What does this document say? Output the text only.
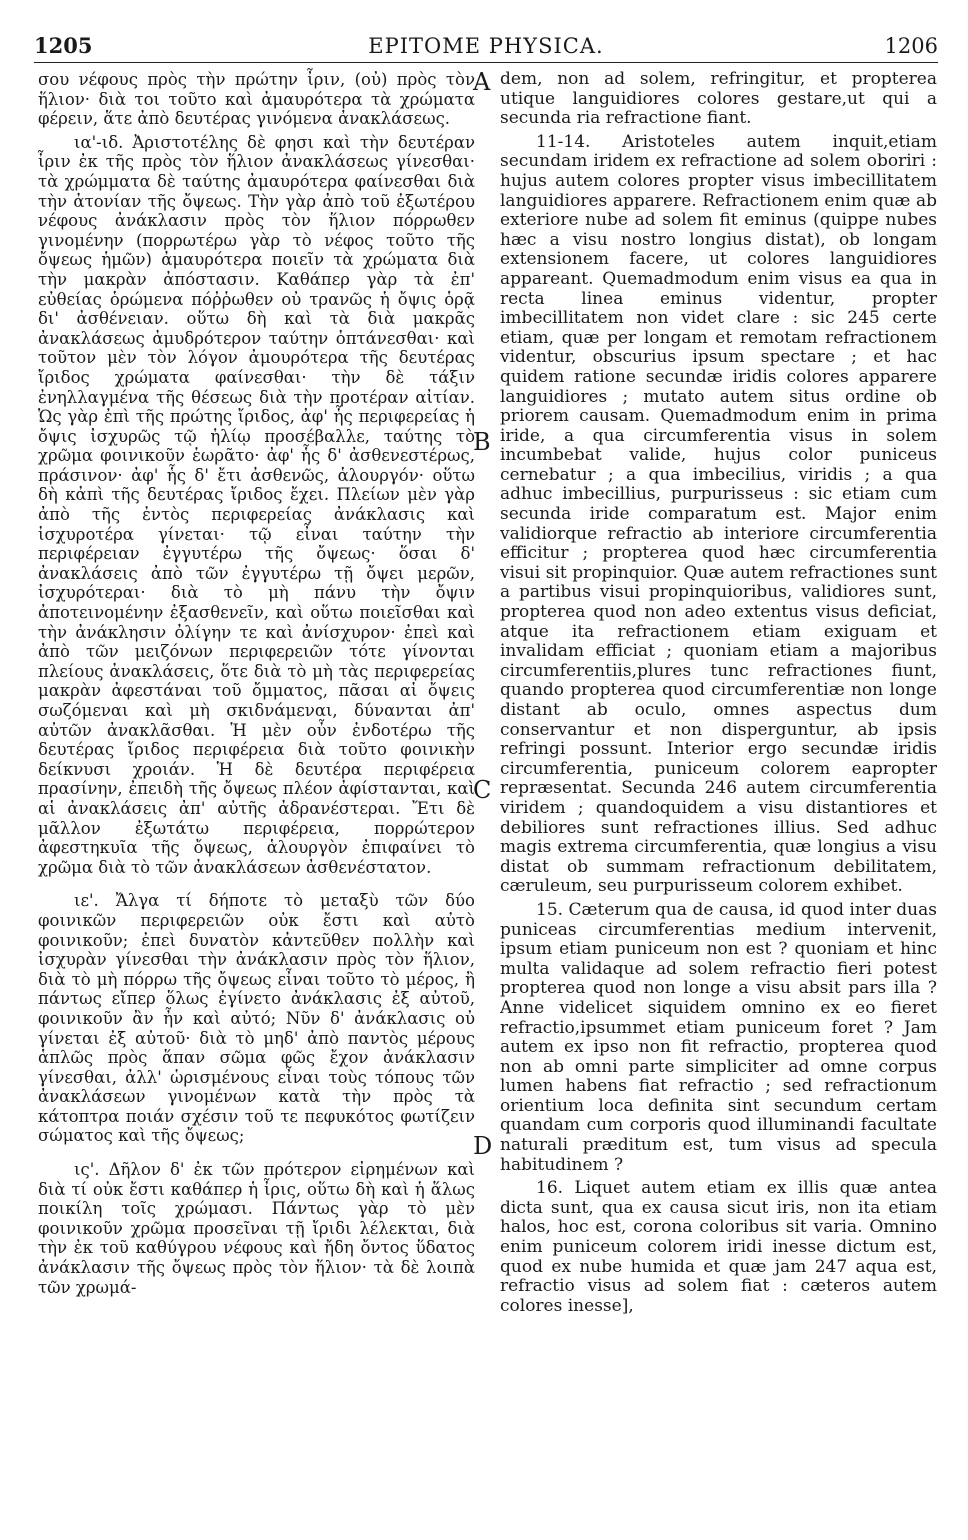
1205	EPITOME PHYSICA.	1206

σου νέφους πρὸς τὴν πρώτην ἶριν, (οὐ) πρὸς τὸν ἥλιον· διὰ τοι τοῦτο καὶ ἀμαυρότερα τὰ χρώματα φέρειν, ἅτε ἀπὸ δευτέρας γινόμενα ἀνακλάσεως.

ια'-ιδ. Ἀριστοτέλης δὲ φησι καὶ τὴν δευτέραν ἶριν ἐκ τῆς πρὸς τὸν ἥλιον ἀνακλάσεως γίνεσθαι· τὰ χρώμματα δὲ ταύτης ἀμαυρότερα φαίνεσθαι διὰ τὴν ἀτονίαν τῆς ὄψεως. Τὴν γὰρ ἀπὸ τοῦ ἐξωτέρου νέφους ἀνάκλασιν πρὸς τὸν ἥλιον πόρρωθεν γινομένην (πορρωτέρω γὰρ τὸ νέφος τοῦτο τῆς ὄψεως ἡμῶν) ἀμαυρότερα ποιεῖν τὰ χρώματα διὰ τὴν μακρὰν ἀπόστασιν. Καθάπερ γὰρ τὰ ἐπ' εὐθείας ὁρώμενα πόῤῥωθεν οὐ τρανῶς ἡ ὄψις ὁρᾷ δι' ἀσθένειαν. οὕτω δὴ καὶ τὰ διὰ μακρᾶς ἀνακλάσεως ἀμυδρότερον ταύτην ὀπτάνεσθαι· καὶ τοῦτον μὲν τὸν λόγον ἀμουρότερα τῆς δευτέρας ἴριδος χρώματα φαίνεσθαι· τὴν δὲ τάξιν ἐνηλλαγμένα τῆς θέσεως διὰ τὴν προτέραν αἰτίαν. Ὡς γὰρ ἐπὶ τῆς πρώτης ἴριδος, ἀφ' ἧς περιφερείας ἡ ὄψις ἰσχυρῶς τῷ ἡλίῳ προσέβαλλε, ταύτης τὸ χρῶμα φοινικοῦν ἑωρᾶτο· ἀφ' ἧς δ' ἀσθενεστέρως, πράσινον· ἀφ' ἧς δ' ἔτι ἀσθενῶς, ἁλουργόν· οὕτω δὴ κἀπὶ τῆς δευτέρας ἴριδος ἔχει. Πλείων μὲν γὰρ ἀπὸ τῆς ἐντὸς περιφερείας ἀνάκλασις καὶ ἰσχυροτέρα γίνεται· τῷ εἶναι ταύτην τὴν περιφέρειαν ἐγγυτέρω τῆς ὄψεως· ὅσαι δ' ἀνακλάσεις ἀπὸ τῶν ἐγγυτέρω τῇ ὄψει μερῶν, ἰσχυρότεραι· διὰ τὸ μὴ πάνυ τὴν ὄψιν ἀποτεινομένην ἐξασθενεῖν, καὶ οὕτω ποιεῖσθαι καὶ τὴν ἀνάκλησιν ὀλίγην τε καὶ ἀνίσχυρον· ἐπεὶ καὶ ἀπὸ τῶν μειζόνων περιφερειῶν τότε γίνονται πλείους ἀνακλάσεις, ὅτε διὰ τὸ μὴ τὰς περιφερείας μακρὰν ἀφεστάναι τοῦ ὄμματος, πᾶσαι αἱ ὄψεις σωζόμεναι καὶ μὴ σκιδνάμεναι, δύνανται ἀπ' αὐτῶν ἀνακλᾶσθαι. Ἡ μὲν οὖν ἐνδοτέρω τῆς δευτέρας ἴριδος περιφέρεια διὰ τοῦτο φοινικὴν δείκνυσι χροιάν. Ἡ δὲ δευτέρα περιφέρεια πρασίνην, ἐπειδὴ τῆς ὄψεως πλέον ἀφίστανται, καὶ αἱ ἀνακλάσεις ἀπ' αὐτῆς ἀδρανέστεραι. Ἔτι δὲ μᾶλλον ἐξωτάτω περιφέρεια, πορρώτερον ἀφεστηκυῖα τῆς ὄψεως, ἁλουργὸν ἐπιφαίνει τὸ χρῶμα διὰ τὸ τῶν ἀνακλάσεων ἀσθενέστατον.

ιε'. Ἄλγα τί δήποτε τὸ μεταξὺ τῶν δύο φοινικῶν περιφερειῶν οὐκ ἔστι καὶ αὐτὸ φοινικοῦν; ἐπεὶ δυνατὸν κἀντεῦθεν πολλὴν καὶ ἰσχυρὰν γίνεσθαι τὴν ἀνάκλασιν πρὸς τὸν ἥλιον, διὰ τὸ μὴ πόρρω τῆς ὄψεως εἶναι τοῦτο τὸ μέρος, ἢ πάντως εἴπερ ὅλως ἐγίνετο ἀνάκλασις ἐξ αὐτοῦ, φοινικοῦν ἂν ἦν καὶ αὐτό; Νῦν δ' ἀνάκλασις οὐ γίνεται ἐξ αὐτοῦ· διὰ τὸ μηδ' ἀπὸ παντὸς μέρους ἁπλῶς πρὸς ἅπαν σῶμα φῶς ἔχον ἀνάκλασιν γίνεσθαι, ἀλλ' ὡρισμένους εἶναι τοὺς τόπους τῶν ἀνακλάσεων γινομένων κατὰ τὴν πρὸς τὰ κάτοπτρα ποιάν σχέσιν τοῦ τε πεφυκότος φωτίζειν σώματος καὶ τῆς ὄψεως;

ις'. Δῆλον δ' ἐκ τῶν πρότερον εἰρημένων καὶ διὰ τί οὐκ ἔστι καθάπερ ἡ ἶρις, οὕτω δὴ καὶ ἡ ἅλως ποικίλη τοῖς χρώμασι. Πάντως γὰρ τὸ μὲν φοινικοῦν χρῶμα προσεῖναι τῇ ἴριδι λέλεκται, διὰ τὴν ἐκ τοῦ καθύγρου νέφους καὶ ἤδη ὄντος ὕδατος ἀνάκλασιν τῆς ὄψεως πρὸς τὸν ἥλιον· τὰ δὲ λοιπὰ τῶν χρωμά-

A
B
C
D

dem, non ad solem, refringitur, et propterea utique languidiores colores gestare,ut qui a secunda ria refractione fiant.

11-14. Aristoteles autem inquit,etiam secundam iridem ex refractione ad solem oboriri : hujus autem colores propter visus imbecillitatem languidiores apparere. Refractionem enim quæ ab exteriore nube ad solem fit eminus (quippe nubes hæc a visu nostro longius distat), ob longam extensionem facere, ut colores languidiores appareant. Quemadmodum enim visus ea qua in recta linea eminus videntur, propter imbecillitatem non videt clare : sic 245 certe etiam, quæ per longam et remotam refractionem videntur, obscurius ipsum spectare ; et hac quidem ratione secundæ iridis colores apparere languidiores ; mutato autem situs ordine ob priorem causam. Quemadmodum enim in prima iride, a qua circumferentia visus in solem incumbebat valide, hujus color puniceus cernebatur ; a qua imbecilius, viridis ; a qua adhuc imbecillius, purpurisseus : sic etiam cum secunda iride comparatum est. Major enim validiorque refractio ab interiore circumferentia efficitur ; propterea quod hæc circumferentia visui sit propinquior. Quæ autem refractiones sunt a partibus visui propinquioribus, validiores sunt, propterea quod non adeo extentus visus deficiat, atque ita refractionem etiam exiguam et invalidam efficiat ; quoniam etiam a majoribus circumferentiis,plures tunc refractiones fiunt, quando propterea quod circumferentiæ non longe distant ab oculo, omnes aspectus dum conservantur et non disperguntur, ab ipsis refringi possunt. Interior ergo secundæ iridis circumferentia, puniceum colorem eapropter repræsentat. Secunda 246 autem circumferentia viridem ; quandoquidem a visu distantiores et debiliores sunt refractiones illius. Sed adhuc magis extrema circumferentia, quæ longius a visu distat ob summam refractionum debilitatem, cæruleum, seu purpurisseum colorem exhibet.

15. Cæterum qua de causa, id quod inter duas puniceas circumferentias medium intervenit, ipsum etiam puniceum non est ? quoniam et hinc multa validaque ad solem refractio fieri potest propterea quod non longe a visu absit pars illa ? Anne videlicet siquidem omnino ex eo fieret refractio,ipsummet etiam puniceum foret ? Jam autem ex ipso non fit refractio, propterea quod non ab omni parte simpliciter ad omne corpus lumen habens fiat refractio ; sed refractionum orientium loca definita sint secundum certam quandam cum corporis quod illuminandi facultate naturali præditum est, tum visus ad specula habitudinem ?

16. Liquet autem etiam ex illis quæ antea dicta sunt, qua ex causa sicut iris, non ita etiam halos, hoc est, corona coloribus sit varia. Omnino enim puniceum colorem iridi inesse dictum est, quod ex nube humida et quæ jam 247 aqua est, refractio visus ad solem fiat : cæteros autem colores inesse],
